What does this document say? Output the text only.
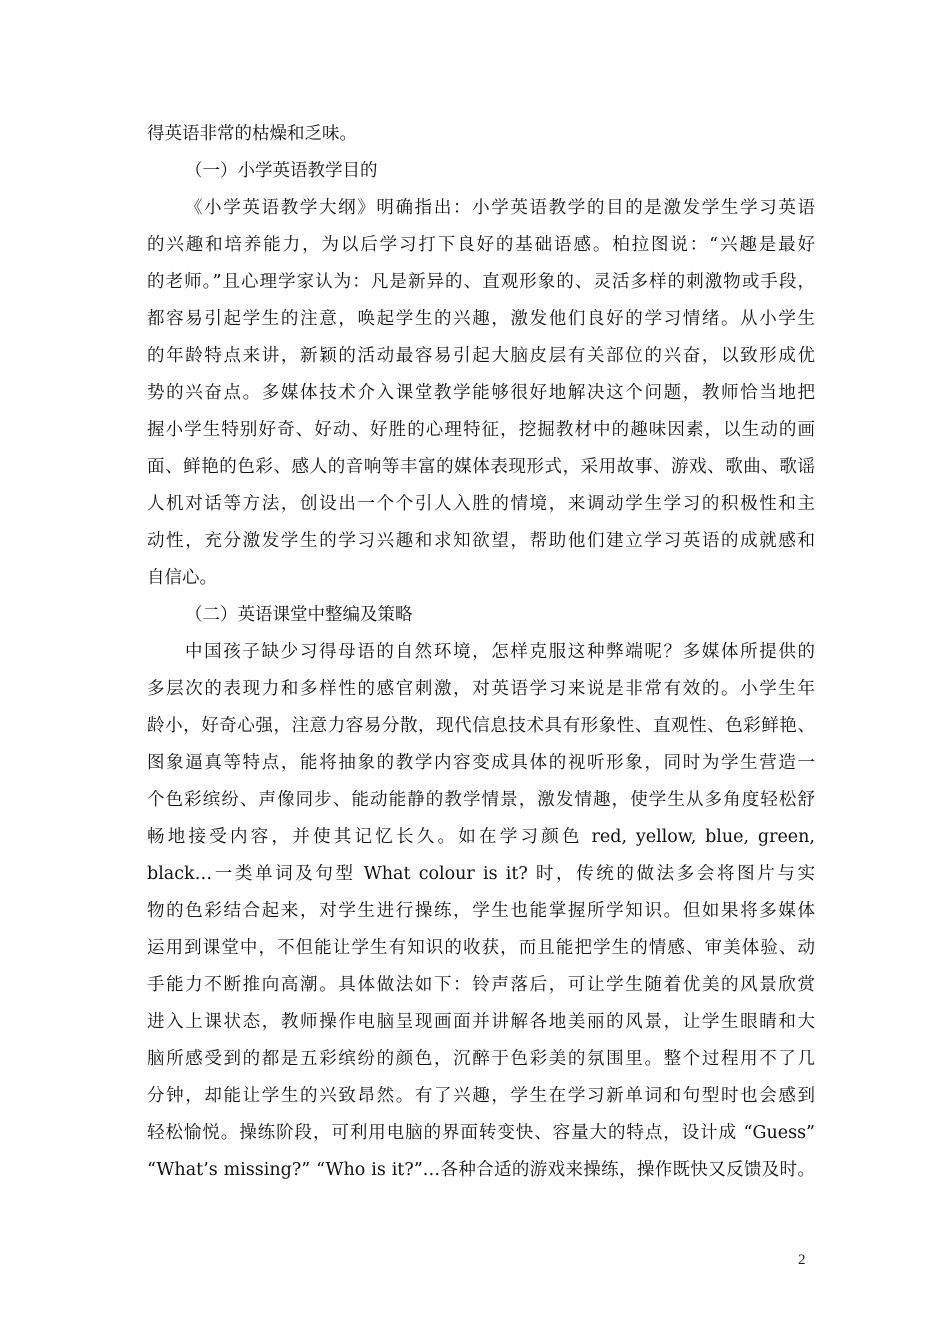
得英语非常的枯燥和乏味。
（一）小学英语教学目的
《小学英语教学大纲》明确指出：小学英语教学的目的是激发学生学习英语
的兴趣和培养能力，为以后学习打下良好的基础语感。柏拉图说：“兴趣是最好
的老师。”且心理学家认为：凡是新异的、直观形象的、灵活多样的刺激物或手段，
都容易引起学生的注意，唤起学生的兴趣，激发他们良好的学习情绪。从小学生
的年龄特点来讲，新颖的活动最容易引起大脑皮层有关部位的兴奋，以致形成优
势的兴奋点。多媒体技术介入课堂教学能够很好地解决这个问题，教师恰当地把
握小学生特别好奇、好动、好胜的心理特征，挖掘教材中的趣味因素，以生动的画
面、鲜艳的色彩、感人的音响等丰富的媒体表现形式，采用故事、游戏、歌曲、歌谣
人机对话等方法，创设出一个个引人入胜的情境，来调动学生学习的积极性和主
动性，充分激发学生的学习兴趣和求知欲望，帮助他们建立学习英语的成就感和
自信心。
（二）英语课堂中整编及策略
中国孩子缺少习得母语的自然环境，怎样克服这种弊端呢？多媒体所提供的
多层次的表现力和多样性的感官刺激，对英语学习来说是非常有效的。小学生年
龄小，好奇心强，注意力容易分散，现代信息技术具有形象性、直观性、色彩鲜艳、
图象逼真等特点，能将抽象的教学内容变成具体的视听形象，同时为学生营造一
个色彩缤纷、声像同步、能动能静的教学情景，激发情趣，使学生从多角度轻松舒
畅地接受内容，并使其记忆长久。如在学习颜色 red, yellow, blue, green,
black…一类单词及句型 What colour is it? 时，传统的做法多会将图片与实
物的色彩结合起来，对学生进行操练，学生也能掌握所学知识。但如果将多媒体
运用到课堂中，不但能让学生有知识的收获，而且能把学生的情感、审美体验、动
手能力不断推向高潮。具体做法如下：铃声落后，可让学生随着优美的风景欣赏
进入上课状态，教师操作电脑呈现画面并讲解各地美丽的风景，让学生眼睛和大
脑所感受到的都是五彩缤纷的颜色，沉醉于色彩美的氛围里。整个过程用不了几
分钟，却能让学生的兴致昂然。有了兴趣，学生在学习新单词和句型时也会感到
轻松愉悦。操练阶段，可利用电脑的界面转变快、容量大的特点，设计成 “Guess”
“What’s missing?” “Who is it?”…各种合适的游戏来操练，操作既快又反馈及时。
2
